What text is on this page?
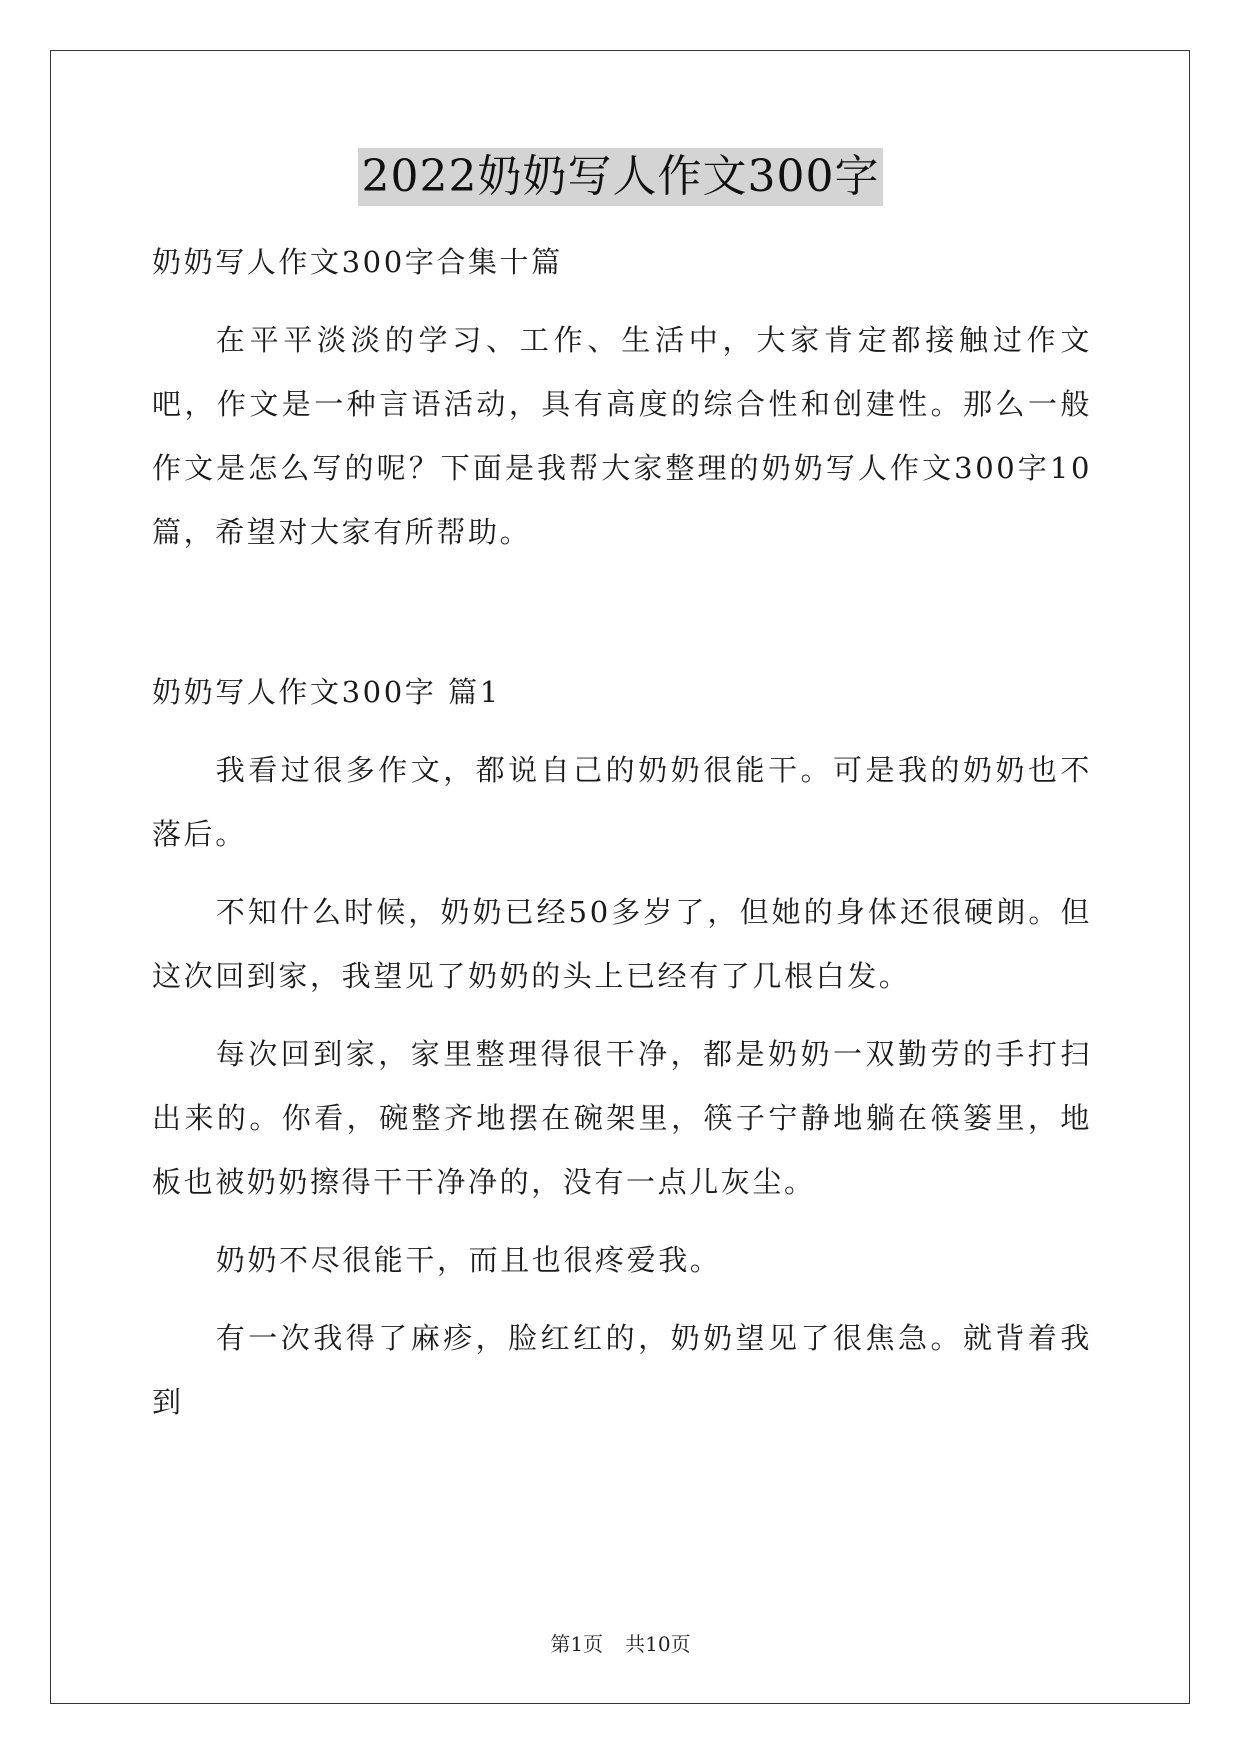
2022奶奶写人作文300字

奶奶写人作文300字合集十篇

在平平淡淡的学习、工作、生活中，大家肯定都接触过作文吧，作文是一种言语活动，具有高度的综合性和创建性。那么一般作文是怎么写的呢？下面是我帮大家整理的奶奶写人作文300字10篇，希望对大家有所帮助。

奶奶写人作文300字 篇1

我看过很多作文，都说自己的奶奶很能干。可是我的奶奶也不落后。

不知什么时候，奶奶已经50多岁了，但她的身体还很硬朗。但这次回到家，我望见了奶奶的头上已经有了几根白发。

每次回到家，家里整理得很干净，都是奶奶一双勤劳的手打扫出来的。你看，碗整齐地摆在碗架里，筷子宁静地躺在筷篓里，地板也被奶奶擦得干干净净的，没有一点儿灰尘。

奶奶不尽很能干，而且也很疼爱我。

有一次我得了麻疹，脸红红的，奶奶望见了很焦急。就背着我到

第1页 共10页
